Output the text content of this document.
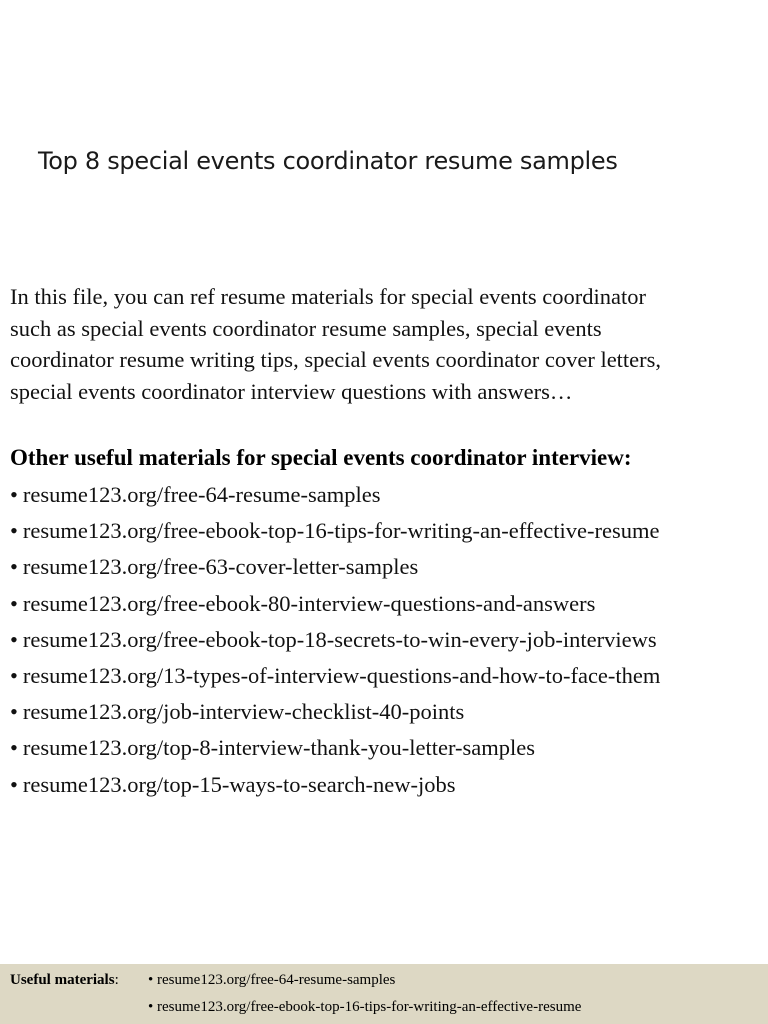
Top 8 special events coordinator resume samples
In this file, you can ref resume materials for special events coordinator
such as special events coordinator resume samples, special events
coordinator resume writing tips, special events coordinator cover letters,
special events coordinator interview questions with answers…
Other useful materials for special events coordinator interview:
• resume123.org/free-64-resume-samples
• resume123.org/free-ebook-top-16-tips-for-writing-an-effective-resume
• resume123.org/free-63-cover-letter-samples
• resume123.org/free-ebook-80-interview-questions-and-answers
• resume123.org/free-ebook-top-18-secrets-to-win-every-job-interviews
• resume123.org/13-types-of-interview-questions-and-how-to-face-them
• resume123.org/job-interview-checklist-40-points
• resume123.org/top-8-interview-thank-you-letter-samples
• resume123.org/top-15-ways-to-search-new-jobs
Useful materials: • resume123.org/free-64-resume-samples
• resume123.org/free-ebook-top-16-tips-for-writing-an-effective-resume
